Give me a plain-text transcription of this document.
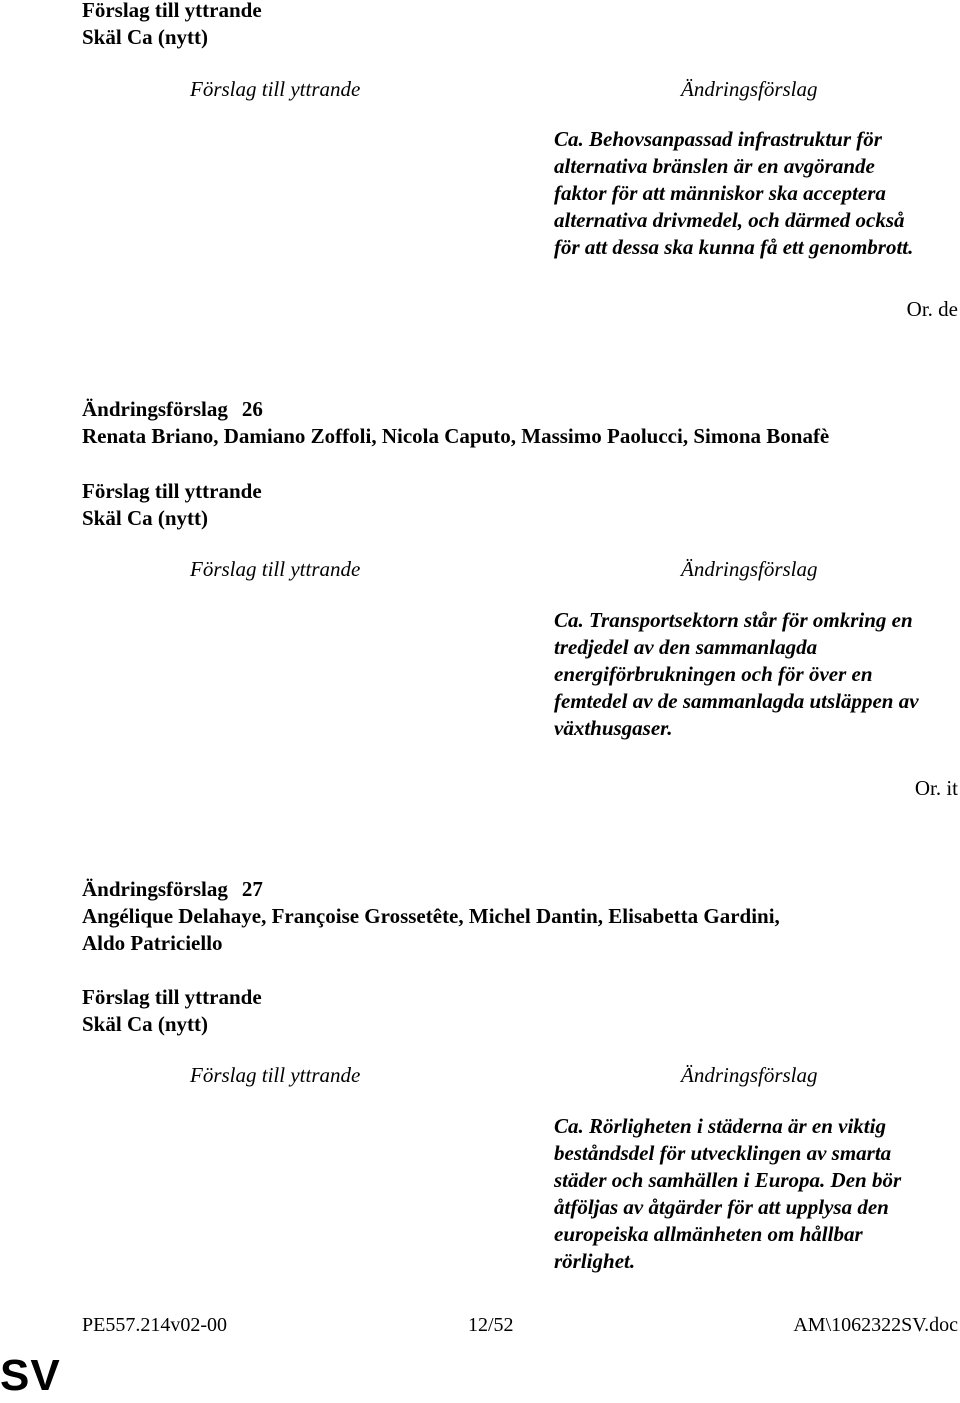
Förslag till yttrande
Skäl Ca (nytt)
Förslag till yttrande	Ändringsförslag
Ca. Behovsanpassad infrastruktur för
alternativa bränslen är en avgörande
faktor för att människor ska acceptera
alternativa drivmedel, och därmed också
för att dessa ska kunna få ett genombrott.
Or. de
Ändringsförslag 26
Renata Briano, Damiano Zoffoli, Nicola Caputo, Massimo Paolucci, Simona Bonafè
Förslag till yttrande
Skäl Ca (nytt)
Förslag till yttrande	Ändringsförslag
Ca. Transportsektorn står för omkring en
tredjedel av den sammanlagda
energiförbrukningen och för över en
femtedel av de sammanlagda utsläppen av
växthusgaser.
Or. it
Ändringsförslag 27
Angélique Delahaye, Françoise Grossetête, Michel Dantin, Elisabetta Gardini,
Aldo Patriciello
Förslag till yttrande
Skäl Ca (nytt)
Förslag till yttrande	Ändringsförslag
Ca. Rörligheten i städerna är en viktig
beståndsdel för utvecklingen av smarta
städer och samhällen i Europa. Den bör
åtföljas av åtgärder för att upplysa den
europeiska allmänheten om hållbar
rörlighet.
PE557.214v02-00	12/52	AM\1062322SV.doc
SV
